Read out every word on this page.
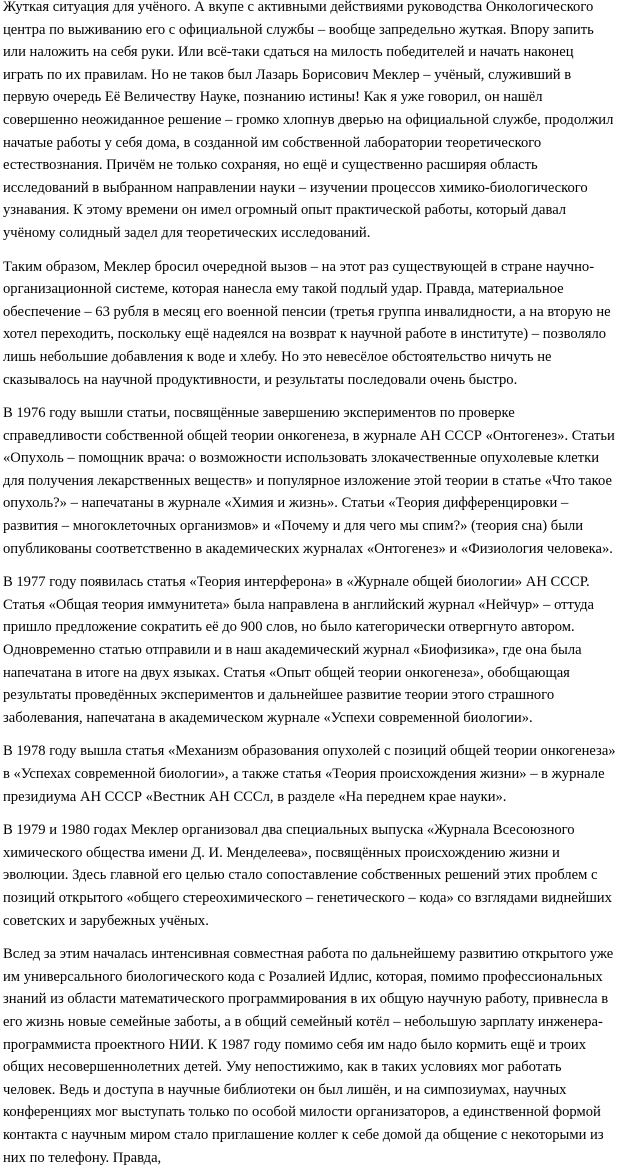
Жуткая ситуация для учёного. А вкупе с активными действиями руководства Онкологического центра по выживанию его с официальной службы – вообще запредельно жуткая. Впору запить или наложить на себя руки. Или всё-таки сдаться на милость победителей и начать наконец играть по их правилам. Но не таков был Лазарь Борисович Меклер – учёный, служивший в первую очередь Её Величеству Науке, познанию истины! Как я уже говорил, он нашёл совершенно неожиданное решение – громко хлопнув дверью на официальной службе, продолжил начатые работы у себя дома, в созданной им собственной лаборатории теоретического естествознания. Причём не только сохраняя, но ещё и существенно расширяя область исследований в выбранном направлении науки – изучении процессов химико-биологического узнавания. К этому времени он имел огромный опыт практической работы, который давал учёному солидный задел для теоретических исследований.

Таким образом, Меклер бросил очередной вызов – на этот раз существующей в стране научно-организационной системе, которая нанесла ему такой подлый удар. Правда, материальное обеспечение – 63 рубля в месяц его военной пенсии (третья группа инвалидности, а на вторую не хотел переходить, поскольку ещё надеялся на возврат к научной работе в институте) – позволяло лишь небольшие добавления к воде и хлебу. Но это невесёлое обстоятельство ничуть не сказывалось на научной продуктивности, и результаты последовали очень быстро.

В 1976 году вышли статьи, посвящённые завершению экспериментов по проверке справедливости собственной общей теории онкогенеза, в журнале АН СССР «Онтогенез». Статьи «Опухоль – помощник врача: о возможности использовать злокачественные опухолевые клетки для получения лекарственных веществ» и популярное изложение этой теории в статье «Что такое опухоль?» – напечатаны в журнале «Химия и жизнь». Статьи «Теория дифференцировки – развития – многоклеточных организмов» и «Почему и для чего мы спим?» (теория сна) были опубликованы соответственно в академических журналах «Онтогенез» и «Физиология человека».

В 1977 году появилась статья «Теория интерферона» в «Журнале общей биологии» АН СССР. Статья «Общая теория иммунитета» была направлена в английский журнал «Нейчур» – оттуда пришло предложение сократить её до 900 слов, но было категорически отвергнуто автором. Одновременно статью отправили и в наш академический журнал «Биофизика», где она была напечатана в итоге на двух языках. Статья «Опыт общей теории онкогенеза», обобщающая результаты проведённых экспериментов и дальнейшее развитие теории этого страшного заболевания, напечатана в академическом журнале «Успехи современной биологии».

В 1978 году вышла статья «Механизм образования опухолей с позиций общей теории онкогенеза» в «Успехах современной биологии», а также статья «Теория происхождения жизни» – в журнале президиума АН СССР «Вестник АН СССл, в разделе «На переднем крае науки».

В 1979 и 1980 годах Меклер организовал два специальных выпуска «Журнала Всесоюзного химического общества имени Д. И. Менделеева», посвящённых происхождению жизни и эволюции. Здесь главной его целью стало сопоставление собственных решений этих проблем с позиций открытого «общего стереохимического – генетического – кода» со взглядами виднейших советских и зарубежных учёных.

Вслед за этим началась интенсивная совместная работа по дальнейшему развитию открытого уже им универсального биологического кода с Розалией Идлис, которая, помимо профессиональных знаний из области математического программирования в их общую научную работу, привнесла в его жизнь новые семейные заботы, а в общий семейный котёл – небольшую зарплату инженера-программиста проектного НИИ. К 1987 году помимо себя им надо было кормить ещё и троих общих несовершеннолетних детей. Уму непостижимо, как в таких условиях мог работать человек. Ведь и доступа в научные библиотеки он был лишён, и на симпозиумах, научных конференциях мог выступать только по особой милости организаторов, а единственной формой контакта с научным миром стало приглашение коллег к себе домой да общение с некоторыми из них по телефону. Правда,
